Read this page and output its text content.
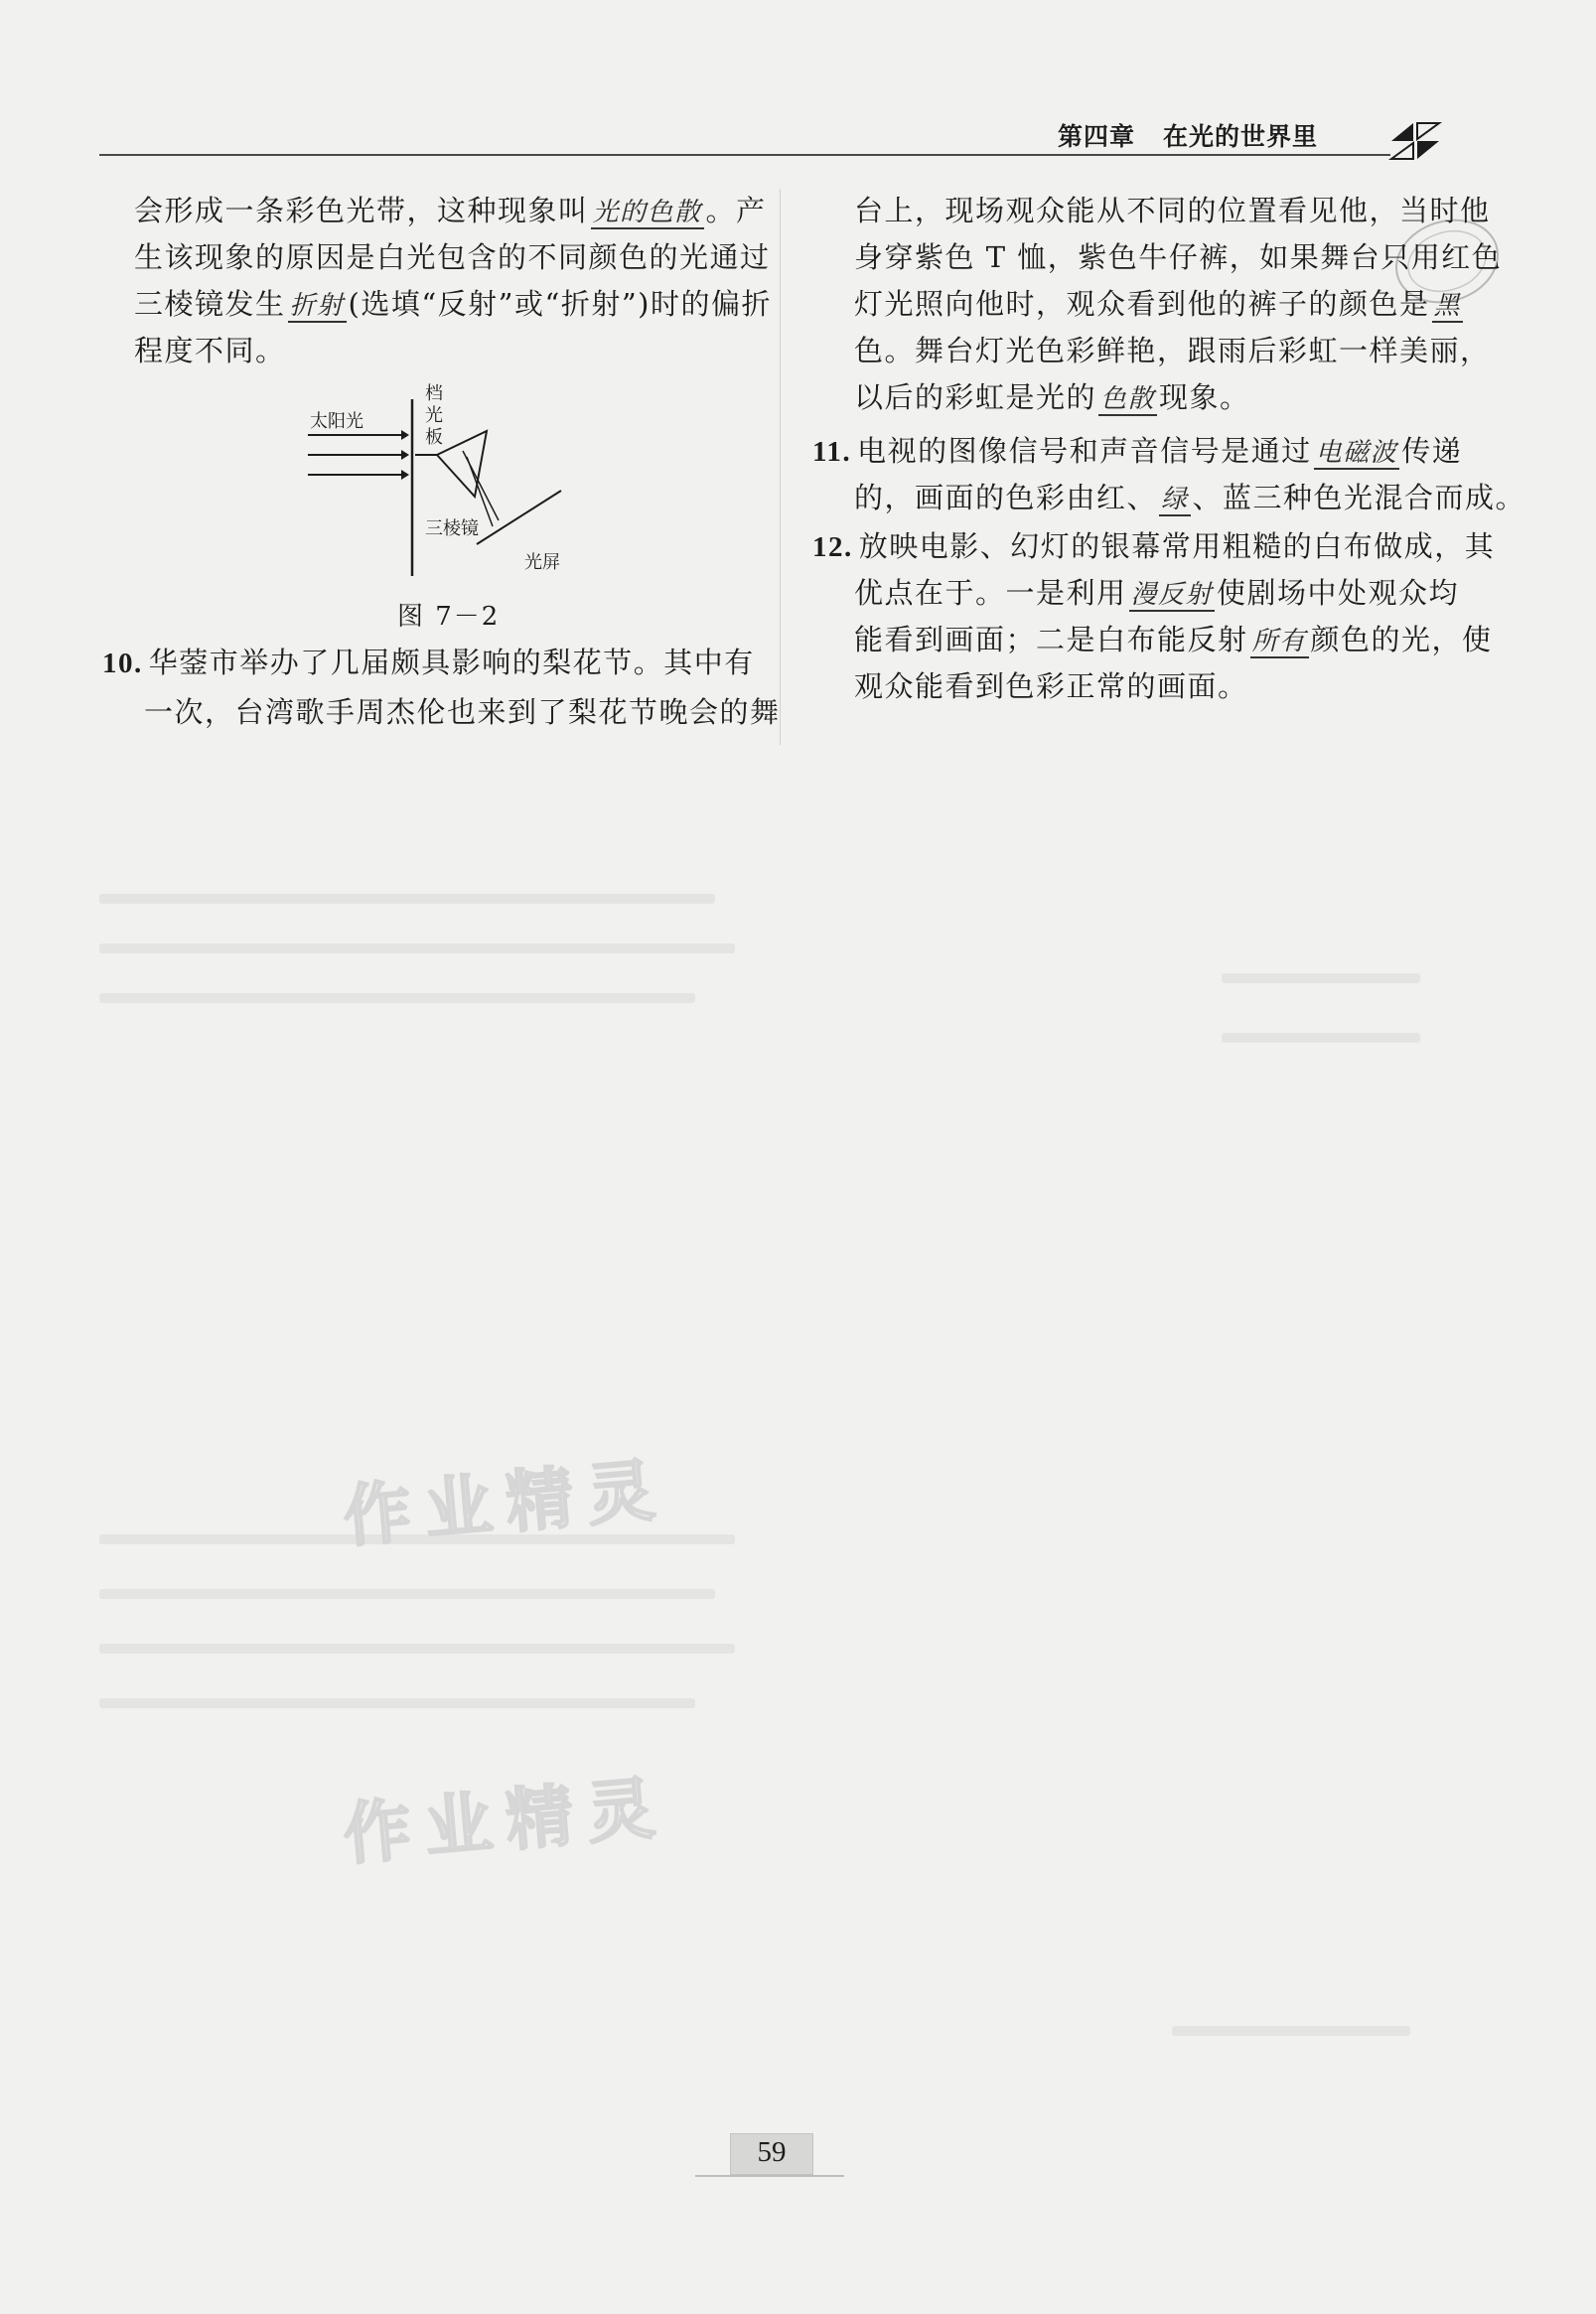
第四章 在光的世界里
会形成一条彩色光带，这种现象叫 光的色散 。产
生该现象的原因是白光包含的不同颜色的光通过
三棱镜发生 折射 (选填“反射”或“折射”)时的偏折
程度不同。
太阳光
档
光
板
三棱镜
光屏
图 7－2
10. 华蓥市举办了几届颇具影响的梨花节。其中有
一次，台湾歌手周杰伦也来到了梨花节晚会的舞
台上，现场观众能从不同的位置看见他，当时他
身穿紫色 T 恤，紫色牛仔裤，如果舞台只用红色
灯光照向他时，观众看到他的裤子的颜色是 黑
色。舞台灯光色彩鲜艳，跟雨后彩虹一样美丽，
以后的彩虹是光的 色散 现象。
11. 电视的图像信号和声音信号是通过 电磁波 传递
的，画面的色彩由红、 绿 、蓝三种色光混合而成。
12. 放映电影、幻灯的银幕常用粗糙的白布做成，其
优点在于。一是利用 漫反射 使剧场中处观众均
能看到画面；二是白布能反射 所有 颜色的光，使
观众能看到色彩正常的画面。
作业精灵
作业精灵
59
